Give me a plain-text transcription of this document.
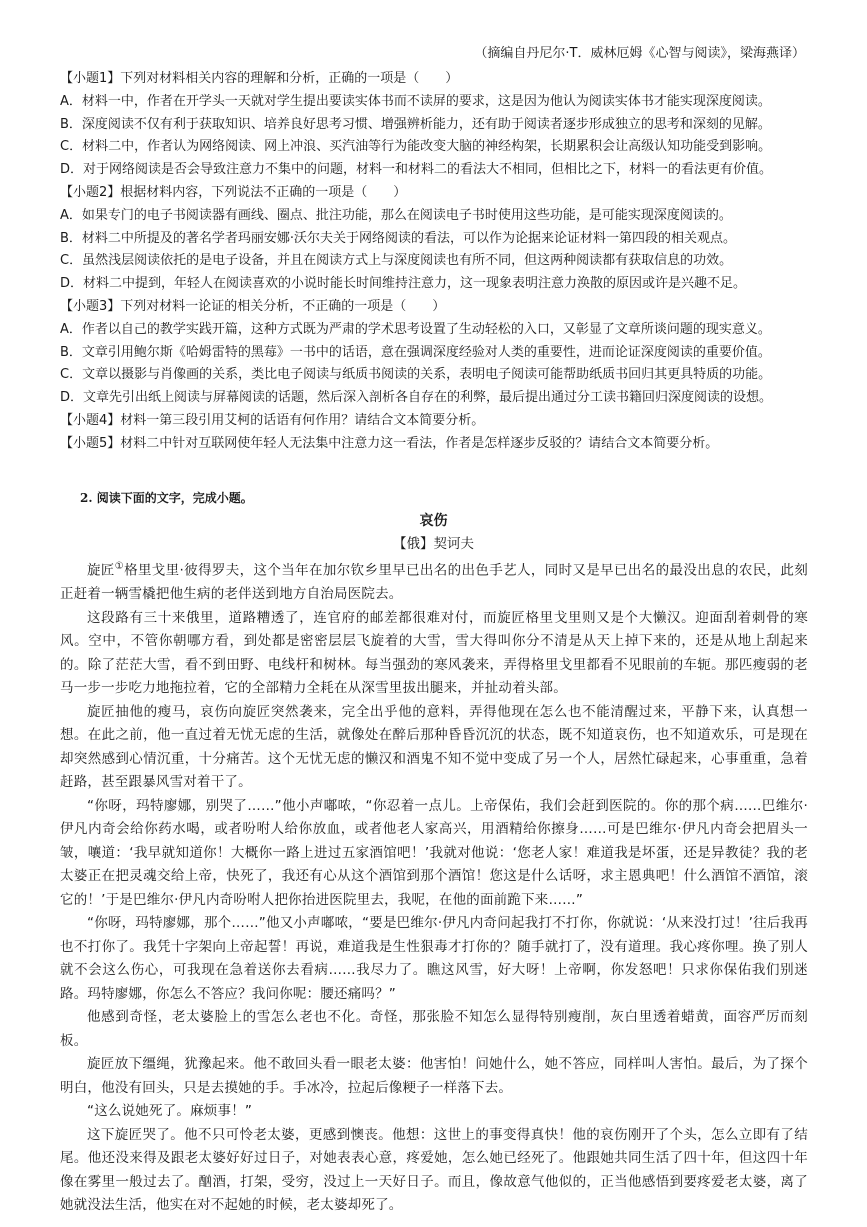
（摘编自丹尼尔·T．威林厄姆《心智与阅读》，梁海燕译）
【小题1】下列对材料相关内容的理解和分析，正确的一项是（　　）
A．材料一中，作者在开学头一天就对学生提出要读实体书而不读屏的要求，这是因为他认为阅读实体书才能实现深度阅读。
B．深度阅读不仅有利于获取知识、培养良好思考习惯、增强辨析能力，还有助于阅读者逐步形成独立的思考和深刻的见解。
C．材料二中，作者认为网络阅读、网上冲浪、买汽油等行为能改变大脑的神经构架，长期累积会让高级认知功能受到影响。
D．对于网络阅读是否会导致注意力不集中的问题，材料一和材料二的看法大不相同，但相比之下，材料一的看法更有价值。
【小题2】根据材料内容，下列说法不正确的一项是（　　）
A．如果专门的电子书阅读器有画线、圈点、批注功能，那么在阅读电子书时使用这些功能，是可能实现深度阅读的。
B．材料二中所提及的著名学者玛丽安娜·沃尔夫关于网络阅读的看法，可以作为论据来论证材料一第四段的相关观点。
C．虽然浅层阅读依托的是电子设备，并且在阅读方式上与深度阅读也有所不同，但这两种阅读都有获取信息的功效。
D．材料二中提到，年轻人在阅读喜欢的小说时能长时间维持注意力，这一现象表明注意力涣散的原因或许是兴趣不足。
【小题3】下列对材料一论证的相关分析，不正确的一项是（　　）
A．作者以自己的教学实践开篇，这种方式既为严肃的学术思考设置了生动轻松的入口，又彰显了文章所谈问题的现实意义。
B．文章引用鲍尔斯《哈姆雷特的黑莓》一书中的话语，意在强调深度经验对人类的重要性，进而论证深度阅读的重要价值。
C．文章以摄影与肖像画的关系，类比电子阅读与纸质书阅读的关系，表明电子阅读可能帮助纸质书回归其更具特质的功能。
D．文章先引出纸上阅读与屏幕阅读的话题，然后深入剖析各自存在的利弊，最后提出通过分工读书籍回归深度阅读的设想。
【小题4】材料一第三段引用艾柯的话语有何作用？请结合文本简要分析。
【小题5】材料二中针对互联网使年轻人无法集中注意力这一看法，作者是怎样逐步反驳的？请结合文本简要分析。
2. 阅读下面的文字，完成小题。
哀伤
【俄】契诃夫

旋匠①格里戈里·彼得罗夫，这个当年在加尔钦乡里早已出名的出色手艺人，同时又是早已出名的最没出息的农民，此刻正赶着一辆雪橇把他生病的老伴送到地方自治局医院去。

这段路有三十来俄里，道路糟透了，连官府的邮差都很难对付，而旋匠格里戈里则又是个大懒汉。迎面刮着刺骨的寒风。空中，不管你朝哪方看，到处都是密密层层飞旋着的大雪，雪大得叫你分不清是从天上掉下来的，还是从地上刮起来的。除了茫茫大雪，看不到田野、电线杆和树林。每当强劲的寒风袭来，弄得格里戈里都看不见眼前的车轭。那匹瘦弱的老马一步一步吃力地拖拉着，它的全部精力全耗在从深雪里拔出腿来，并扯动着头部。

旋匠抽他的瘦马，哀伤向旋匠突然袭来，完全出乎他的意料，弄得他现在怎么也不能清醒过来，平静下来，认真想一想。在此之前，他一直过着无忧无虑的生活，就像处在醉后那种昏昏沉沉的状态，既不知道哀伤，也不知道欢乐，可是现在却突然感到心情沉重，十分痛苦。这个无忧无虑的懒汉和酒鬼不知不觉中变成了另一个人，居然忙碌起来，心事重重，急着赶路，甚至跟暴风雪对着干了。

“你呀，玛特廖娜，别哭了……”他小声嘟哝，“你忍着一点儿。上帝保佑，我们会赶到医院的。你的那个病……巴维尔·伊凡内奇会给你药水喝，或者吩咐人给你放血，或者他老人家高兴，用酒精给你擦身……可是巴维尔·伊凡内奇会把眉头一皱，嚷道：‘我早就知道你！大概你一路上进过五家酒馆吧！’我就对他说：‘您老人家！难道我是坏蛋，还是异教徒？我的老太婆正在把灵魂交给上帝，快死了，我还有心从这个酒馆到那个酒馆！您这是什么话呀，求主恩典吧！什么酒馆不酒馆，滚它的！’于是巴维尔·伊凡内奇吩咐人把你抬进医院里去，我呢，在他的面前跪下来……”

“你呀，玛特廖娜，那个……”他又小声嘟哝，“要是巴维尔·伊凡内奇问起我打不打你，你就说：‘从来没打过！’往后我再也不打你了。我凭十字架向上帝起誓！再说，难道我是生性狠毒才打你的？随手就打了，没有道理。我心疼你哩。换了别人就不会这么伤心，可我现在急着送你去看病……我尽力了。瞧这风雪，好大呀！上帝啊，你发怒吧！只求你保佑我们别迷路。玛特廖娜，你怎么不答应？我问你呢：腰还痛吗？”

他感到奇怪，老太婆脸上的雪怎么老也不化。奇怪，那张脸不知怎么显得特别瘦削，灰白里透着蜡黄，面容严厉而刻板。

旋匠放下缰绳，犹豫起来。他不敢回头看一眼老太婆：他害怕！问她什么，她不答应，同样叫人害怕。最后，为了探个明白，他没有回头，只是去摸她的手。手冰冷，拉起后像粳子一样落下去。

“这么说她死了。麻烦事！”

这下旋匠哭了。他不只可怜老太婆，更感到懊丧。他想：这世上的事变得真快！他的哀伤刚开了个头，怎么立即有了结尾。他还没来得及跟老太婆好好过日子，对她表表心意，疼爱她，怎么她已经死了。他跟她共同生活了四十年，但这四十年像在雾里一般过去了。酗酒，打架，受穷，没过上一天好日子。而且，像故意气他似的，正当他感悟到要疼爱老太婆，离了她就没法生活，他实在对不起她的时候，老太婆却死了。
